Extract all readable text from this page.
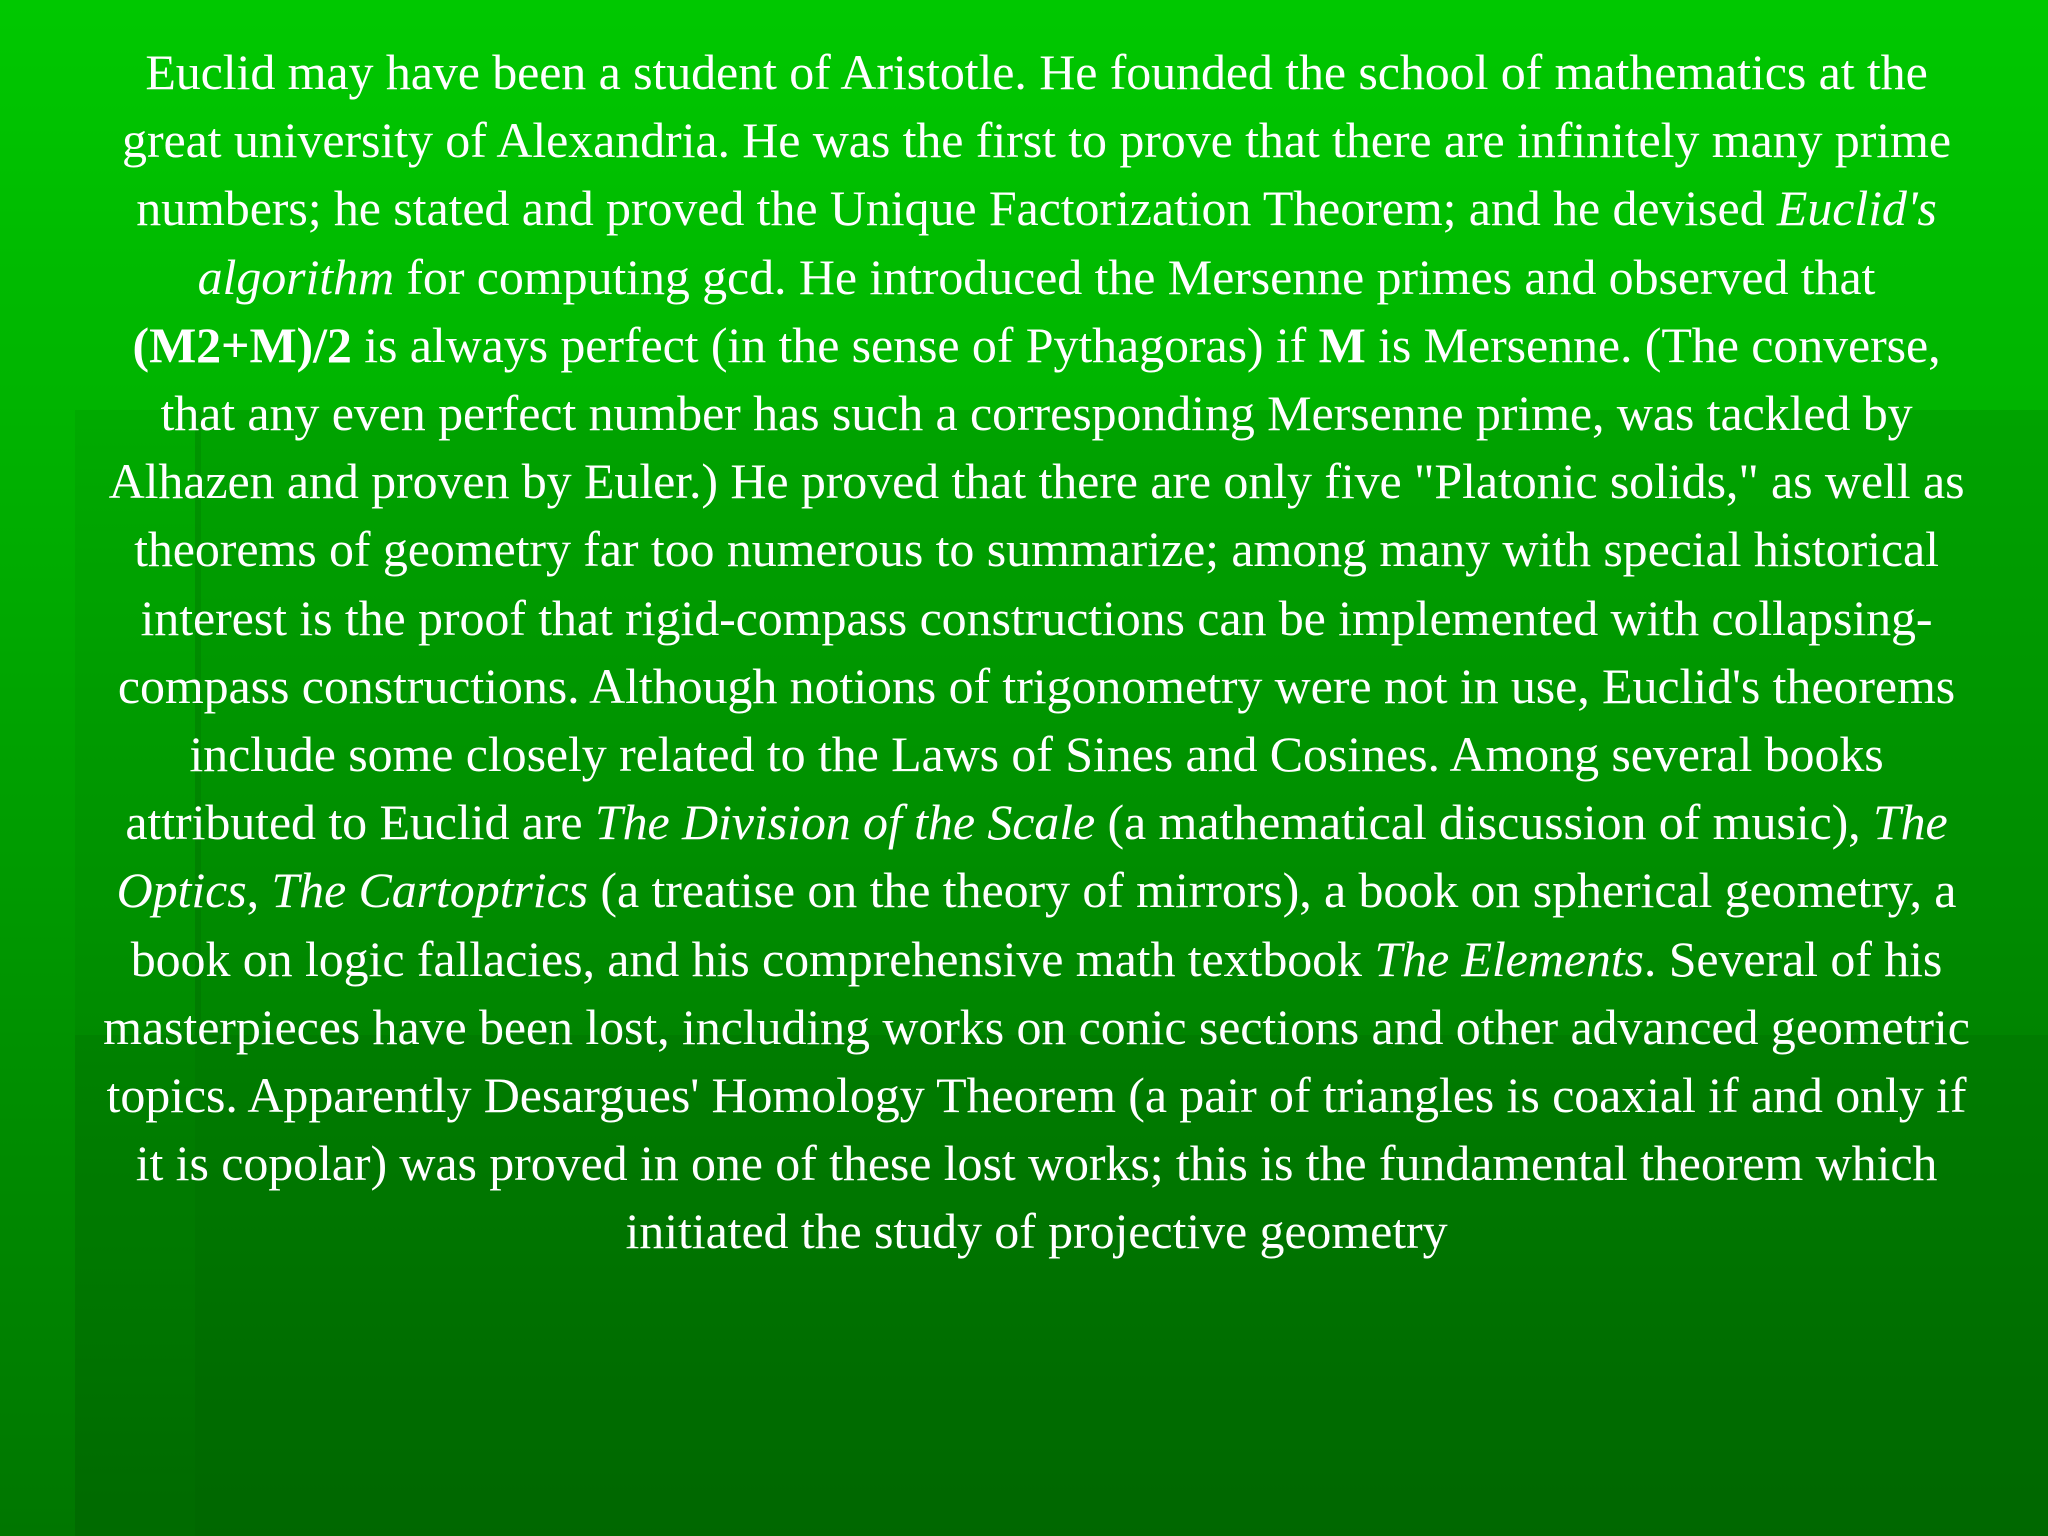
Euclid may have been a student of Aristotle. He founded the school of mathematics at the great university of Alexandria. He was the first to prove that there are infinitely many prime numbers; he stated and proved the Unique Factorization Theorem; and he devised Euclid's algorithm for computing gcd. He introduced the Mersenne primes and observed that (M2+M)/2 is always perfect (in the sense of Pythagoras) if M is Mersenne. (The converse, that any even perfect number has such a corresponding Mersenne prime, was tackled by Alhazen and proven by Euler.) He proved that there are only five "Platonic solids," as well as theorems of geometry far too numerous to summarize; among many with special historical interest is the proof that rigid-compass constructions can be implemented with collapsing-compass constructions. Although notions of trigonometry were not in use, Euclid's theorems include some closely related to the Laws of Sines and Cosines. Among several books attributed to Euclid are The Division of the Scale (a mathematical discussion of music), The Optics, The Cartoptrics (a treatise on the theory of mirrors), a book on spherical geometry, a book on logic fallacies, and his comprehensive math textbook The Elements. Several of his masterpieces have been lost, including works on conic sections and other advanced geometric topics. Apparently Desargues' Homology Theorem (a pair of triangles is coaxial if and only if it is copolar) was proved in one of these lost works; this is the fundamental theorem which initiated the study of projective geometry
